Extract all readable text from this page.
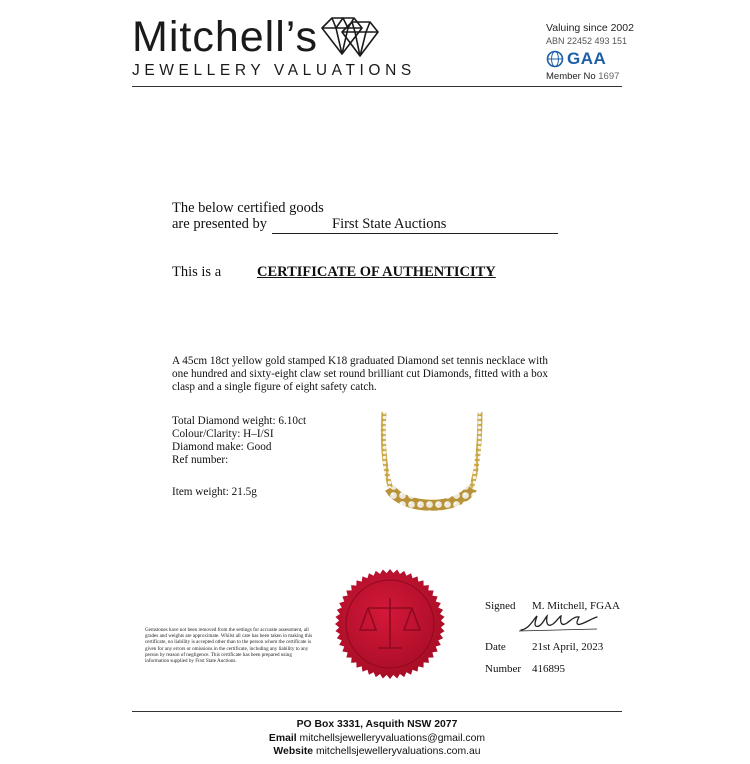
Mitchell’s
JEWELLERY VALUATIONS
Valuing since 2002
ABN 22452 493 151
GAA
Member No 1697
The below certified goods
are presented by	First State Auctions
This is a CERTIFICATE OF AUTHENTICITY
A 45cm 18ct yellow gold stamped K18 graduated Diamond set tennis necklace with one hundred and sixty-eight claw set round brilliant cut Diamonds, fitted with a box clasp and a single figure of eight safety catch.
Total Diamond weight: 6.10ct
Colour/Clarity: H–I/SI
Diamond make: Good
Ref number:
Item weight: 21.5g
Gemstones have not been removed from the settings for accurate assessment, all grades and weights are approximate. Whilst all care has been taken in making this certificate, no liability is accepted other than to the person whom the certificate is given for any errors or omissions in the certificate, including any liability to any person by reason of negligence. This certificate has been prepared using information supplied by First State Auctions.
Signed M. Mitchell, FGAA
Date 21st April, 2023
Number 416895
PO Box 3331, Asquith NSW 2077
Email mitchellsjewelleryvaluations@gmail.com
Website mitchellsjewelleryvaluations.com.au
